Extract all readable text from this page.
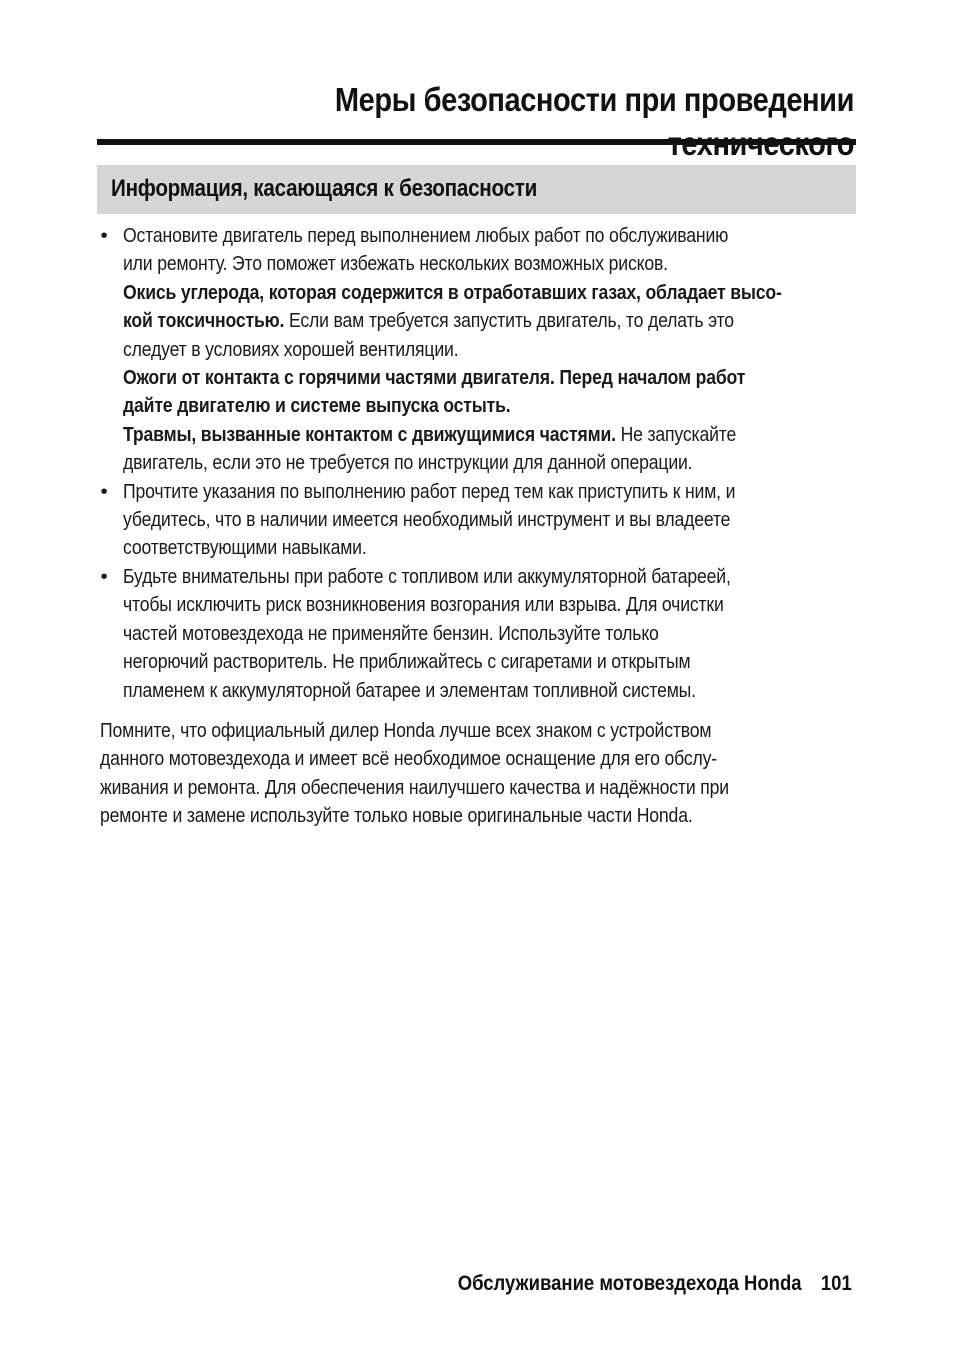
Меры безопасности при проведении

Информация, касающаяся к безопасности
• Остановите двигатель перед выполнением любых работ по обслуживанию
или ремонту. Это поможет избежать нескольких возможных рисков.
Окись углерода, которая содержится в отработавших газах, обладает высо-
кой токсичностью. Если вам требуется запустить двигатель, то делать это
следует в условиях хорошей вентиляции.
Ожоги от контакта с горячими частями двигателя. Перед началом работ
дайте двигателю и системе выпуска остыть.
Травмы, вызванные контактом с движущимися частями. Не запускайте
двигатель, если это не требуется по инструкции для данной операции.
• Прочтите указания по выполнению работ перед тем как приступить к ним, и
убедитесь, что в наличии имеется необходимый инструмент и вы владеете
соответствующими навыками.
• Будьте внимательны при работе с топливом или аккумуляторной батареей,
чтобы исключить риск возникновения возгорания или взрыва. Для очистки
частей мотовездехода не применяйте бензин. Используйте только
негорючий растворитель. Не приближайтесь с сигаретами и открытым
пламенем к аккумуляторной батарее и элементам топливной системы.
Помните, что официальный дилер Honda лучше всех знаком с устройством
данного мотовездехода и имеет всё необходимое оснащение для его обслу-
живания и ремонта. Для обеспечения наилучшего качества и надёжности при
ремонте и замене используйте только новые оригинальные части Honda.
Обслуживание мотовездехода Honda 101
